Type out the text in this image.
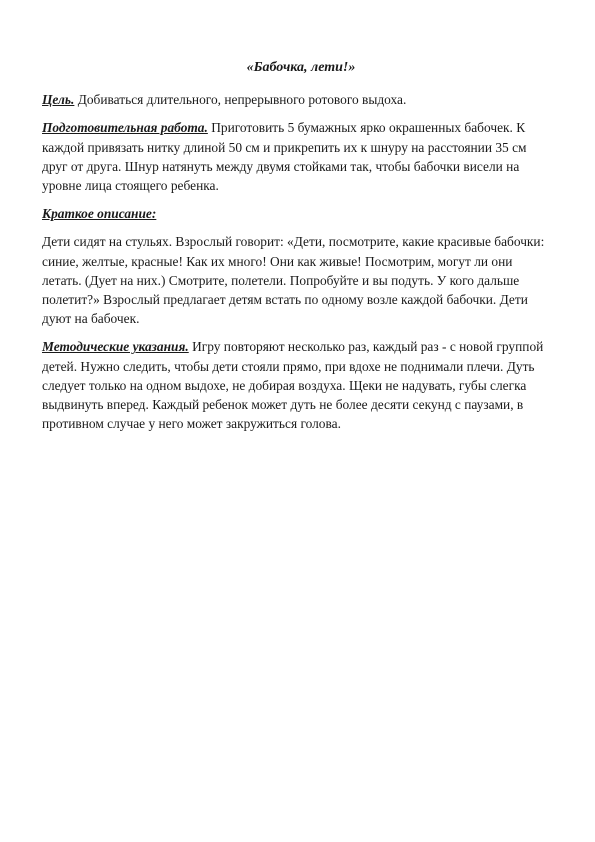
«Бабочка, лети!»

Цель. Добиваться длительного, непрерывного ротового выдоха.

Подготовительная работа. Приготовить 5 бумажных ярко окрашенных бабочек. К каждой привязать нитку длиной 50 см и прикрепить их к шнуру на расстоянии 35 см друг от друга. Шнур натянуть между двумя стойками так, чтобы бабочки висели на уровне лица стоящего ребенка.

Краткое описание:

Дети сидят на стульях. Взрослый говорит: «Дети, посмотрите, какие красивые бабочки: синие, желтые, красные! Как их много! Они как живые! Посмотрим, могут ли они летать. (Дует на них.) Смотрите, полетели. Попробуйте и вы подуть. У кого дальше полетит?» Взрослый предлагает детям встать по одному возле каждой бабочки. Дети дуют на бабочек.

Методические указания. Игру повторяют несколько раз, каждый раз - с новой группой детей. Нужно следить, чтобы дети стояли прямо, при вдохе не поднимали плечи. Дуть следует только на одном выдохе, не добирая воздуха. Щеки не надувать, губы слегка выдвинуть вперед. Каждый ребенок может дуть не более десяти секунд с паузами, в противном случае у него может закружиться голова.
